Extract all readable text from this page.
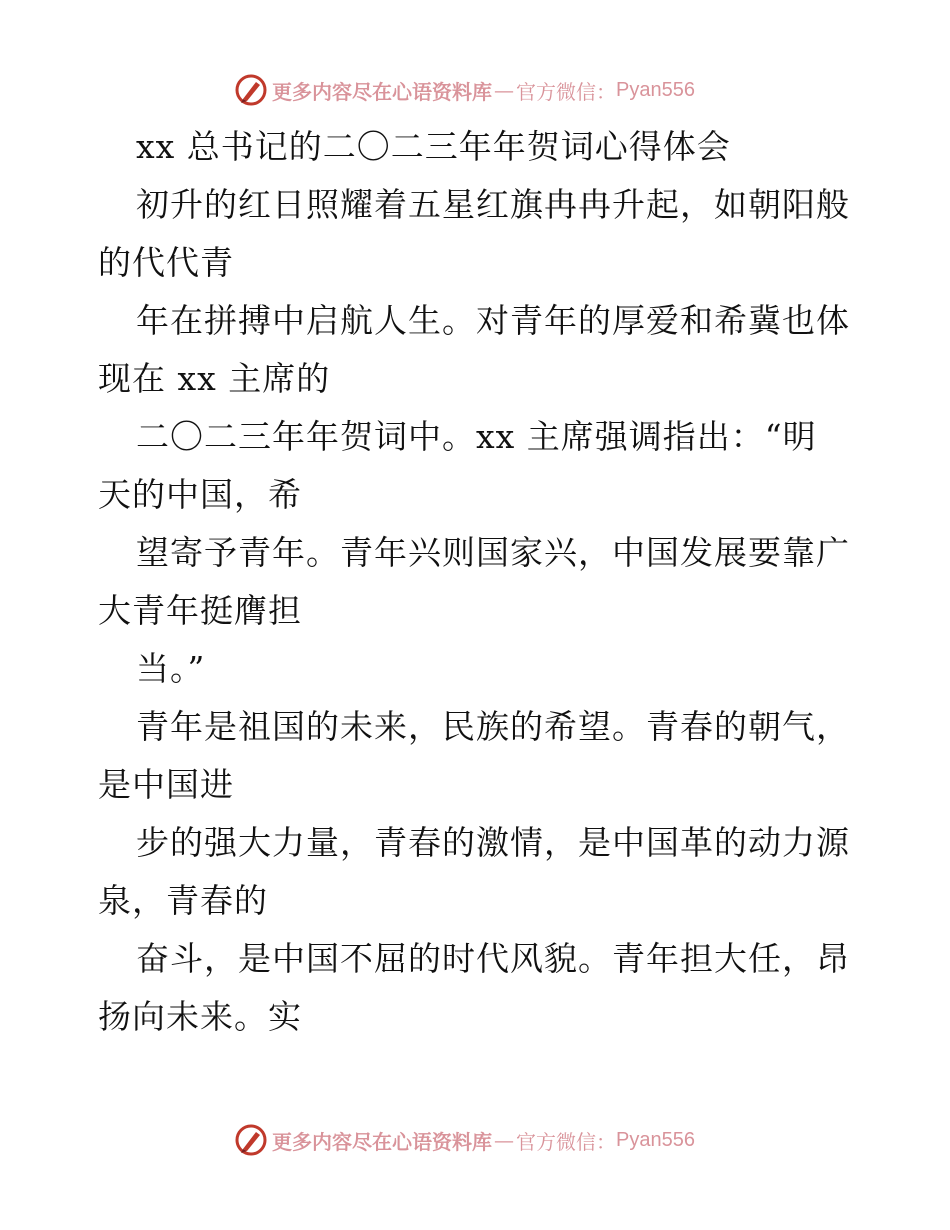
更多内容尽在心语资料库 — 官方微信： Pyan556
xx 总书记的二〇二三年年贺词心得体会
初升的红日照耀着五星红旗冉冉升起，如朝阳般
的代代青
年在拼搏中启航人生。对青年的厚爱和希冀也体
现在 xx 主席的
二〇二三年年贺词中。xx 主席强调指出：“明
天的中国，希
望寄予青年。青年兴则国家兴，中国发展要靠广
大青年挺膺担
当。”
青年是祖国的未来，民族的希望。青春的朝气，
是中国进
步的强大力量，青春的激情，是中国革的动力源
泉，青春的
奋斗，是中国不屈的时代风貌。青年担大任，昂
扬向未来。实
更多内容尽在心语资料库 — 官方微信： Pyan556
